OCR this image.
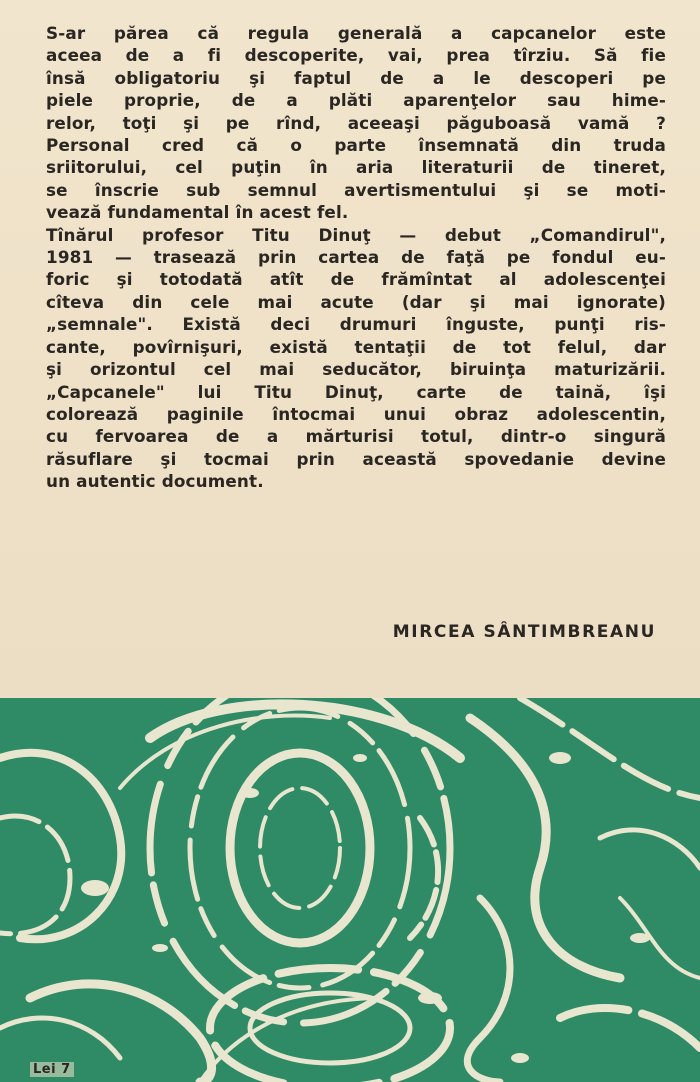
S-ar părea că regula generală a capcanelor este
aceea de a fi descoperite, vai, prea tîrziu. Să fie
însă obligatoriu şi faptul de a le descoperi pe
piele proprie, de a plăti aparenţelor sau himе-
relor, toţi şi pe rînd, aceeaşi păguboasă vamă ?
Personal cred că o parte însemnată din truda
sriitorului, cel puţin în aria literaturii de tineret,
se înscrie sub semnul avertismentului şi se moti-
vează fundamental în acest fel.
Tînărul profesor Titu Dinuţ — debut „Comandirul",
1981 — trasează prin cartea de faţă pe fondul eu-
foric şi totodată atît de frămîntat al adolescenţei
cîteva din cele mai acute (dar şi mai ignorate)
„semnale". Există deci drumuri înguste, punţi ris-
cante, povîrnişuri, există tentaţii de tot felul, dar
şi orizontul cel mai seducător, biruinţa maturizării.
„Capcanele" lui Titu Dinuţ, carte de taină, îşi
colorează paginile întocmai unui obraz adolescentin,
cu fervoarea de a mărturisi totul, dintr-o singură
răsuflare şi tocmai prin această spovedanie devine
un autentic document.
MIRCEA SÂNTIMBREANU
Lei 7
